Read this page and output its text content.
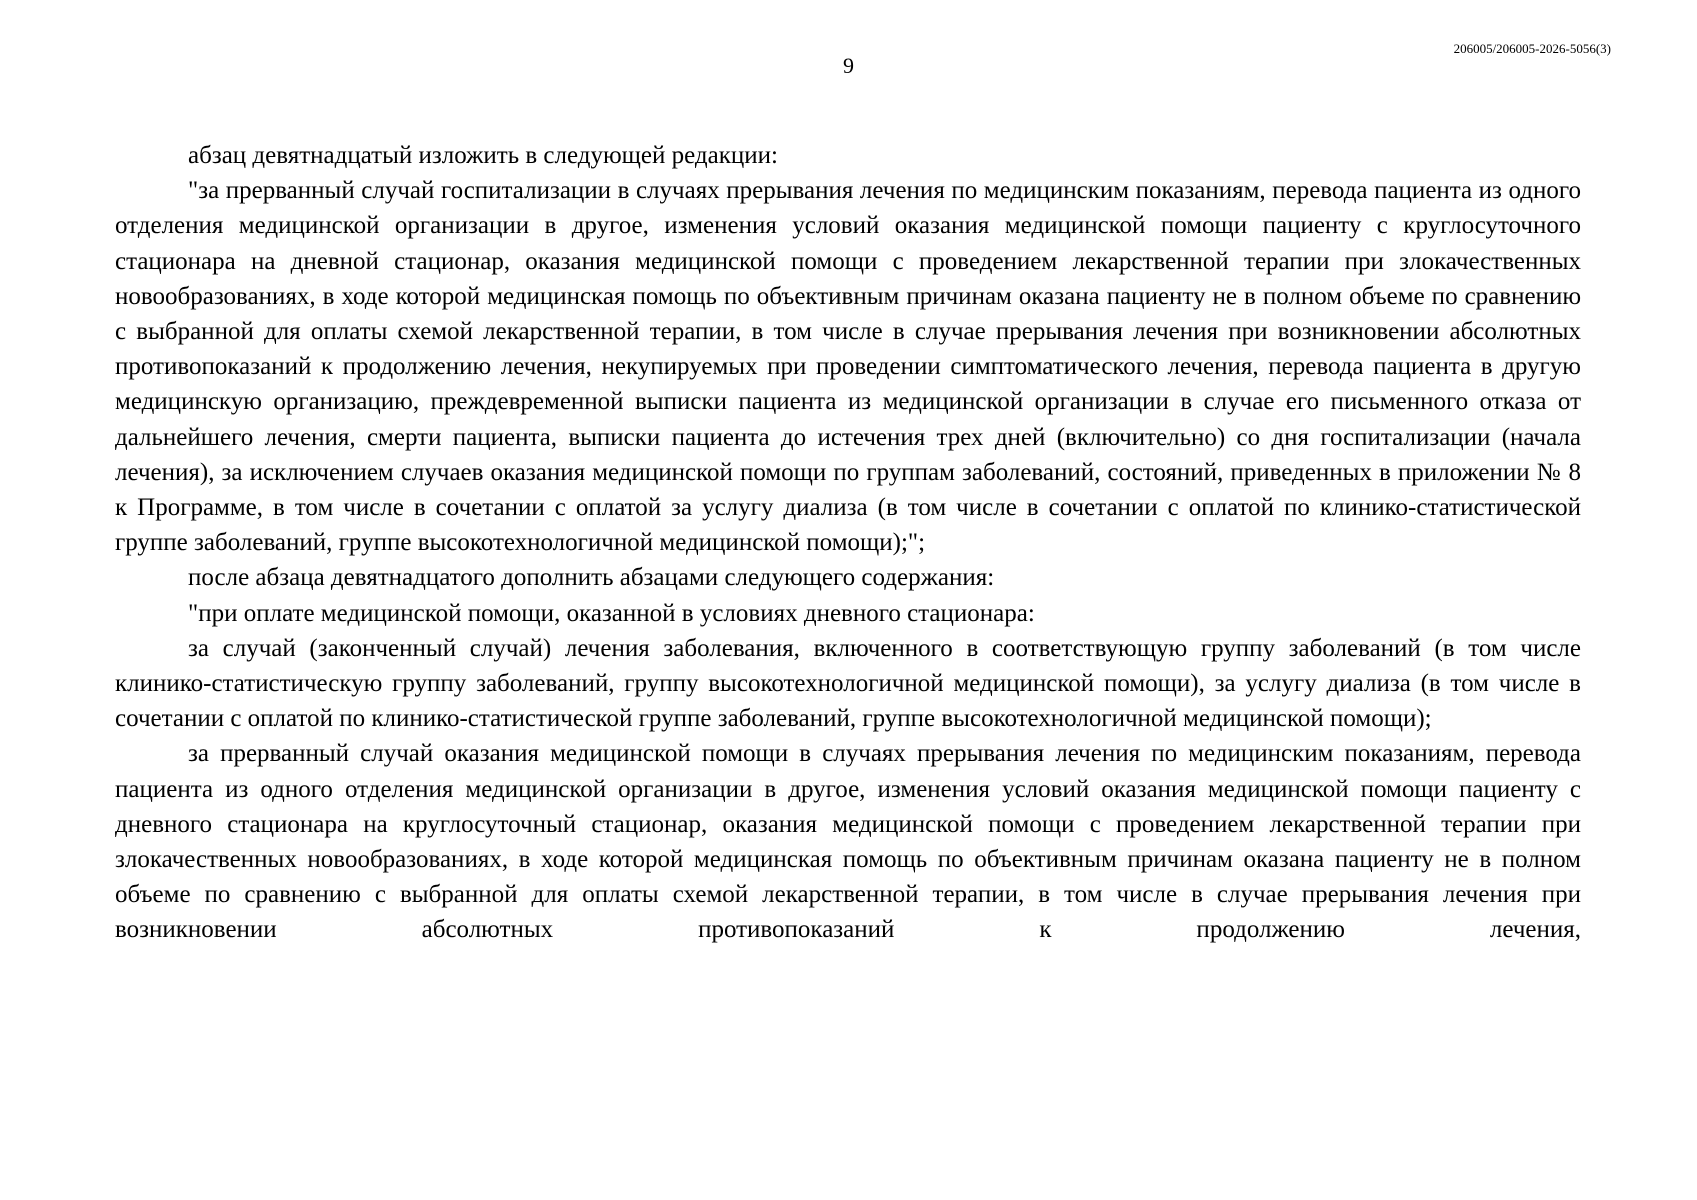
9

206005/206005-2026-5056(3)

абзац девятнадцатый изложить в следующей редакции:

"за прерванный случай госпитализации в случаях прерывания лечения по медицинским показаниям, перевода пациента из одного отделения медицинской организации в другое, изменения условий оказания медицинской помощи пациенту с круглосуточного стационара на дневной стационар, оказания медицинской помощи с проведением лекарственной терапии при злокачественных новообразованиях, в ходе которой медицинская помощь по объективным причинам оказана пациенту не в полном объеме по сравнению с выбранной для оплаты схемой лекарственной терапии, в том числе в случае прерывания лечения при возникновении абсолютных противопоказаний к продолжению лечения, некупируемых при проведении симптоматического лечения, перевода пациента в другую медицинскую организацию, преждевременной выписки пациента из медицинской организации в случае его письменного отказа от дальнейшего лечения, смерти пациента, выписки пациента до истечения трех дней (включительно) со дня госпитализации (начала лечения), за исключением случаев оказания медицинской помощи по группам заболеваний, состояний, приведенных в приложении № 8 к Программе, в том числе в сочетании с оплатой за услугу диализа (в том числе в сочетании с оплатой по клинико-статистической группе заболеваний, группе высокотехнологичной медицинской помощи);";

после абзаца девятнадцатого дополнить абзацами следующего содержания:

"при оплате медицинской помощи, оказанной в условиях дневного стационара:

за случай (законченный случай) лечения заболевания, включенного в соответствующую группу заболеваний (в том числе клинико-статистическую группу заболеваний, группу высокотехнологичной медицинской помощи), за услугу диализа (в том числе в сочетании с оплатой по клинико-статистической группе заболеваний, группе высокотехнологичной медицинской помощи);

за прерванный случай оказания медицинской помощи в случаях прерывания лечения по медицинским показаниям, перевода пациента из одного отделения медицинской организации в другое, изменения условий оказания медицинской помощи пациенту с дневного стационара на круглосуточный стационар, оказания медицинской помощи с проведением лекарственной терапии при злокачественных новообразованиях, в ходе которой медицинская помощь по объективным причинам оказана пациенту не в полном объеме по сравнению с выбранной для оплаты схемой лекарственной терапии, в том числе в случае прерывания лечения при возникновении абсолютных противопоказаний к продолжению лечения,
